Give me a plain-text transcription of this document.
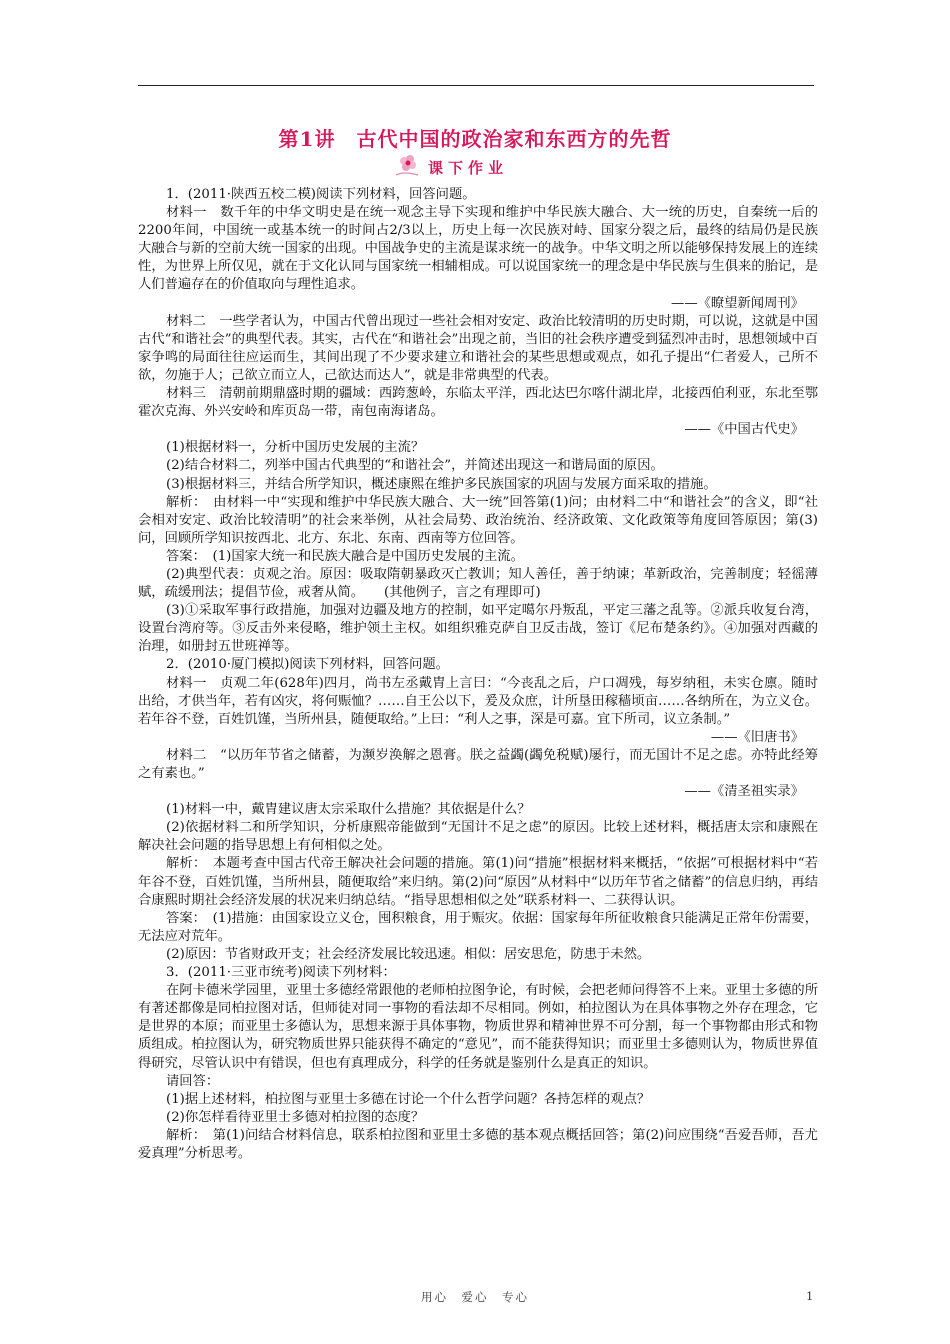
第1讲　古代中国的政治家和东西方的先哲
课下作业

1．(2011·陕西五校二模)阅读下列材料，回答问题。

材料一　数千年的中华文明史是在统一观念主导下实现和维护中华民族大融合、大一统的历史，自秦统一后的2200年间，中国统一或基本统一的时间占2/3以上，历史上每一次民族对峙、国家分裂之后，最终的结局仍是民族大融合与新的空前大统一国家的出现。中国战争史的主流是谋求统一的战争。中华文明之所以能够保持发展上的连续性，为世界上所仅见，就在于文化认同与国家统一相辅相成。可以说国家统一的理念是中华民族与生俱来的胎记，是人们普遍存在的价值取向与理性追求。

——《瞭望新闻周刊》

材料二　一些学者认为，中国古代曾出现过一些社会相对安定、政治比较清明的历史时期，可以说，这就是中国古代“和谐社会”的典型代表。其实，古代在“和谐社会”出现之前，当旧的社会秩序遭受到猛烈冲击时，思想领域中百家争鸣的局面往往应运而生，其间出现了不少要求建立和谐社会的某些思想或观点，如孔子提出“仁者爱人，己所不欲，勿施于人；己欲立而立人，己欲达而达人”，就是非常典型的代表。

材料三　清朝前期鼎盛时期的疆域：西跨葱岭，东临太平洋，西北达巴尔喀什湖北岸，北接西伯利亚，东北至鄂霍次克海、外兴安岭和库页岛一带，南包南海诸岛。

——《中国古代史》

(1)根据材料一，分析中国历史发展的主流？

(2)结合材料二，列举中国古代典型的“和谐社会”，并简述出现这一和谐局面的原因。

(3)根据材料三，并结合所学知识，概述康熙在维护多民族国家的巩固与发展方面采取的措施。

解析：　由材料一中“实现和维护中华民族大融合、大一统”回答第(1)问；由材料二中“和谐社会”的含义，即“社会相对安定、政治比较清明”的社会来举例，从社会局势、政治统治、经济政策、文化政策等角度回答原因；第(3)问，回顾所学知识按西北、北方、东北、东南、西南等方位回答。

答案：　(1)国家大统一和民族大融合是中国历史发展的主流。

(2)典型代表：贞观之治。原因：吸取隋朝暴政灭亡教训；知人善任，善于纳谏；革新政治，完善制度；轻徭薄赋，疏缓刑法；提倡节俭，戒奢从简。　　(其他例子，言之有理即可)

(3)①采取军事行政措施，加强对边疆及地方的控制，如平定噶尔丹叛乱，平定三藩之乱等。②派兵收复台湾，设置台湾府等。③反击外来侵略，维护领土主权。如组织雅克萨自卫反击战，签订《尼布楚条约》。④加强对西藏的治理，如册封五世班禅等。

2．(2010·厦门模拟)阅读下列材料，回答问题。

材料一　贞观二年(628年)四月，尚书左丞戴胄上言曰：“今丧乱之后，户口凋残，每岁纳租，未实仓廪。随时出给，才供当年，若有凶灾，将何赈恤？……自王公以下，爰及众庶，计所垦田稼穑顷亩……各纳所在，为立义仓。若年谷不登，百姓饥馑，当所州县，随便取给。”上曰：“利人之事，深是可嘉。宜下所司，议立条制。”

——《旧唐书》

材料二　“以历年节省之储蓄，为濒岁涣解之恩膏。朕之益蠲(蠲免税赋)屡行，而无国计不足之虑。亦特此经筹之有素也。”

——《清圣祖实录》

(1)材料一中，戴胄建议唐太宗采取什么措施？其依据是什么？

(2)依据材料二和所学知识，分析康熙帝能做到“无国计不足之虑”的原因。比较上述材料，概括唐太宗和康熙在解决社会问题的指导思想上有何相似之处。

解析：　本题考查中国古代帝王解决社会问题的措施。第(1)问“措施”根据材料来概括，“依据”可根据材料中“若年谷不登，百姓饥馑，当所州县，随便取给”来归纳。第(2)问“原因”从材料中“以历年节省之储蓄”的信息归纳，再结合康熙时期社会经济发展的状况来归纳总结。“指导思想相似之处”联系材料一、二获得认识。

答案：　(1)措施：由国家设立义仓，囤积粮食，用于赈灾。依据：国家每年所征收粮食只能满足正常年份需要，无法应对荒年。

(2)原因：节省财政开支；社会经济发展比较迅速。相似：居安思危，防患于未然。

3．(2011·三亚市统考)阅读下列材料：

在阿卡德米学园里，亚里士多德经常跟他的老师柏拉图争论，有时候，会把老师问得答不上来。亚里士多德的所有著述都像是同柏拉图对话，但师徒对同一事物的看法却不尽相同。例如，柏拉图认为在具体事物之外存在理念，它是世界的本原；而亚里士多德认为，思想来源于具体事物，物质世界和精神世界不可分割，每一个事物都由形式和物质组成。柏拉图认为，研究物质世界只能获得不确定的“意见”，而不能获得知识；而亚里士多德则认为，物质世界值得研究，尽管认识中有错误，但也有真理成分，科学的任务就是鉴别什么是真正的知识。

请回答：

(1)据上述材料，柏拉图与亚里士多德在讨论一个什么哲学问题？各持怎样的观点？

(2)你怎样看待亚里士多德对柏拉图的态度？

解析：　第(1)问结合材料信息，联系柏拉图和亚里士多德的基本观点概括回答；第(2)问应围绕“吾爱吾师，吾尤爱真理”分析思考。

用心　爱心　专心	1
